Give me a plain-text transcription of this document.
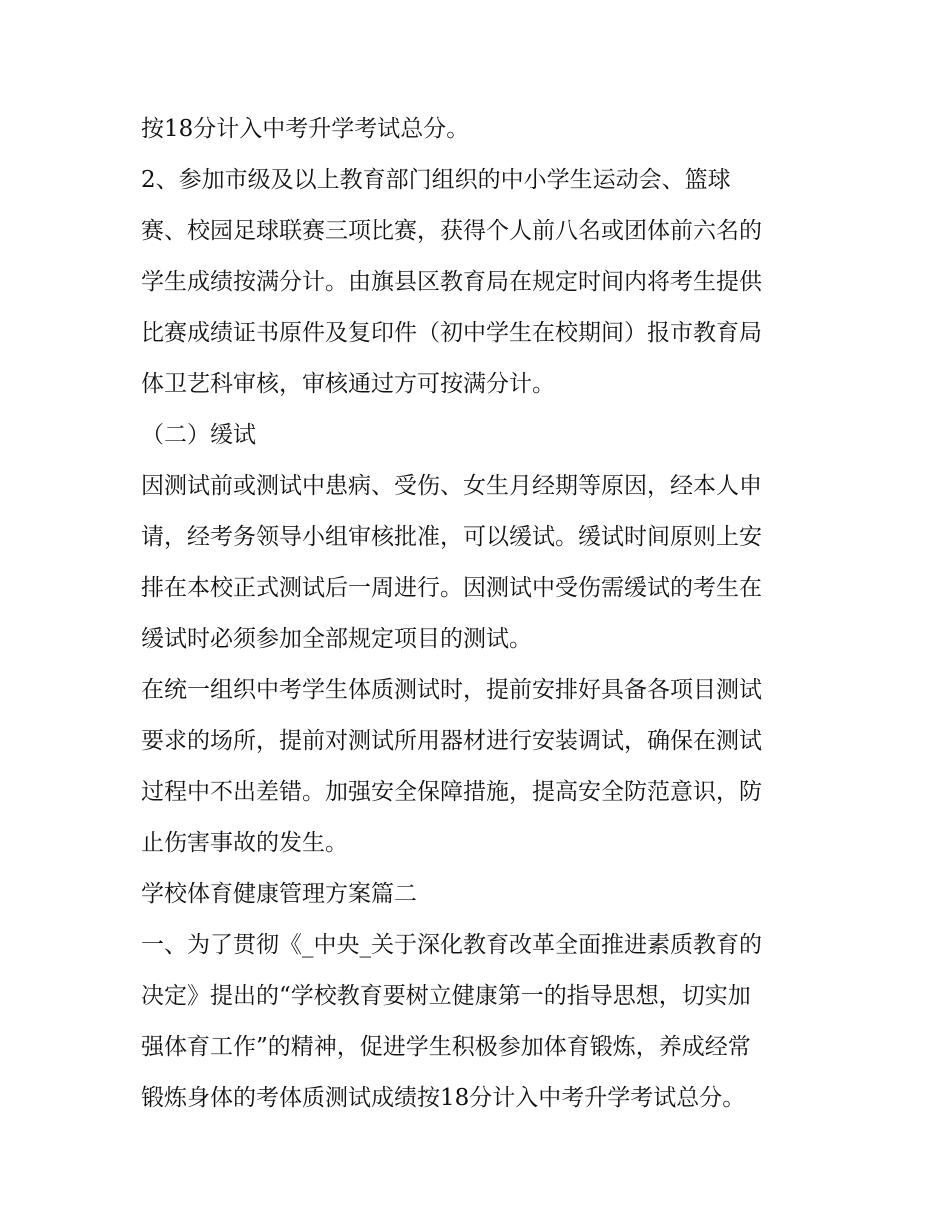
按18分计入中考升学考试总分。

2、参加市级及以上教育部门组织的中小学生运动会、篮球

赛、校园足球联赛三项比赛，获得个人前八名或团体前六名的

学生成绩按满分计。由旗县区教育局在规定时间内将考生提供

比赛成绩证书原件及复印件（初中学生在校期间）报市教育局

体卫艺科审核，审核通过方可按满分计。

（二）缓试

因测试前或测试中患病、受伤、女生月经期等原因，经本人申

请，经考务领导小组审核批准，可以缓试。缓试时间原则上安

排在本校正式测试后一周进行。因测试中受伤需缓试的考生在

缓试时必须参加全部规定项目的测试。

在统一组织中考学生体质测试时，提前安排好具备各项目测试

要求的场所，提前对测试所用器材进行安装调试，确保在测试

过程中不出差错。加强安全保障措施，提高安全防范意识，防

止伤害事故的发生。

学校体育健康管理方案篇二

一、为了贯彻《_中央_关于深化教育改革全面推进素质教育的

决定》提出的“学校教育要树立健康第一的指导思想，切实加

强体育工作”的精神，促进学生积极参加体育锻炼，养成经常

锻炼身体的考体质测试成绩按18分计入中考升学考试总分。
